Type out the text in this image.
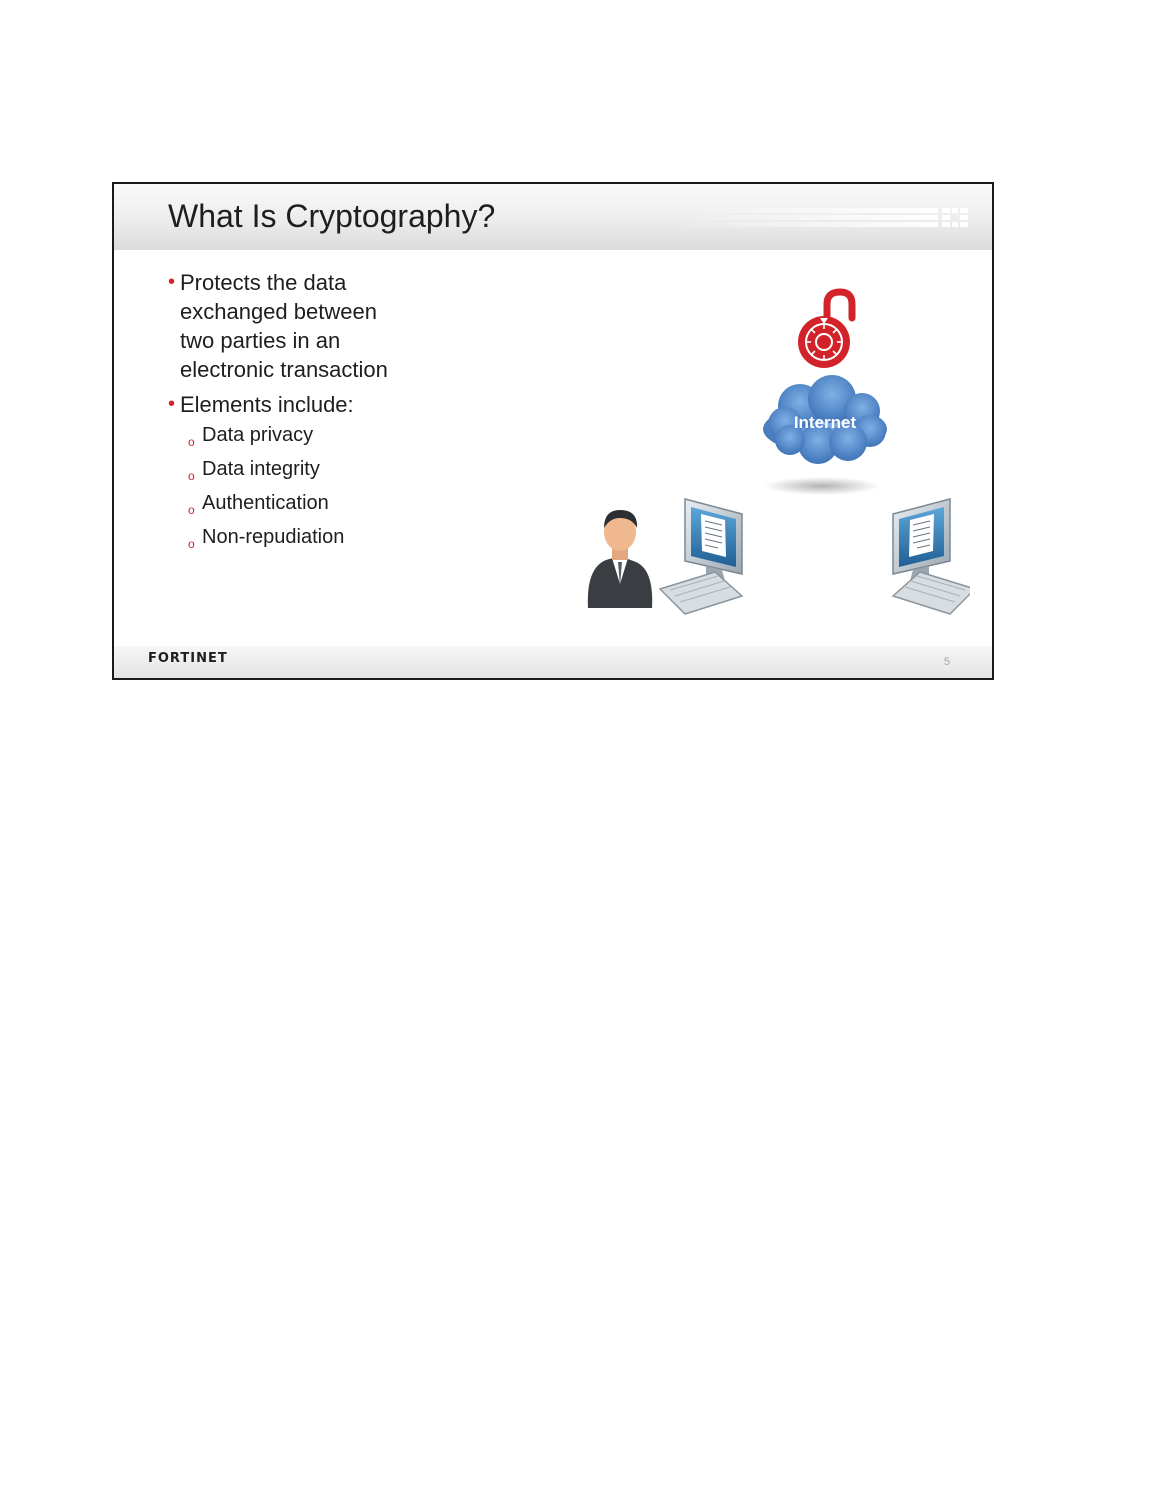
What Is Cryptography?
• Protects the data
exchanged between
two parties in an
electronic transaction
• Elements include:
o Data privacy
o Data integrity
o Authentication
o Non-repudiation
Internet
FORTINET	5
